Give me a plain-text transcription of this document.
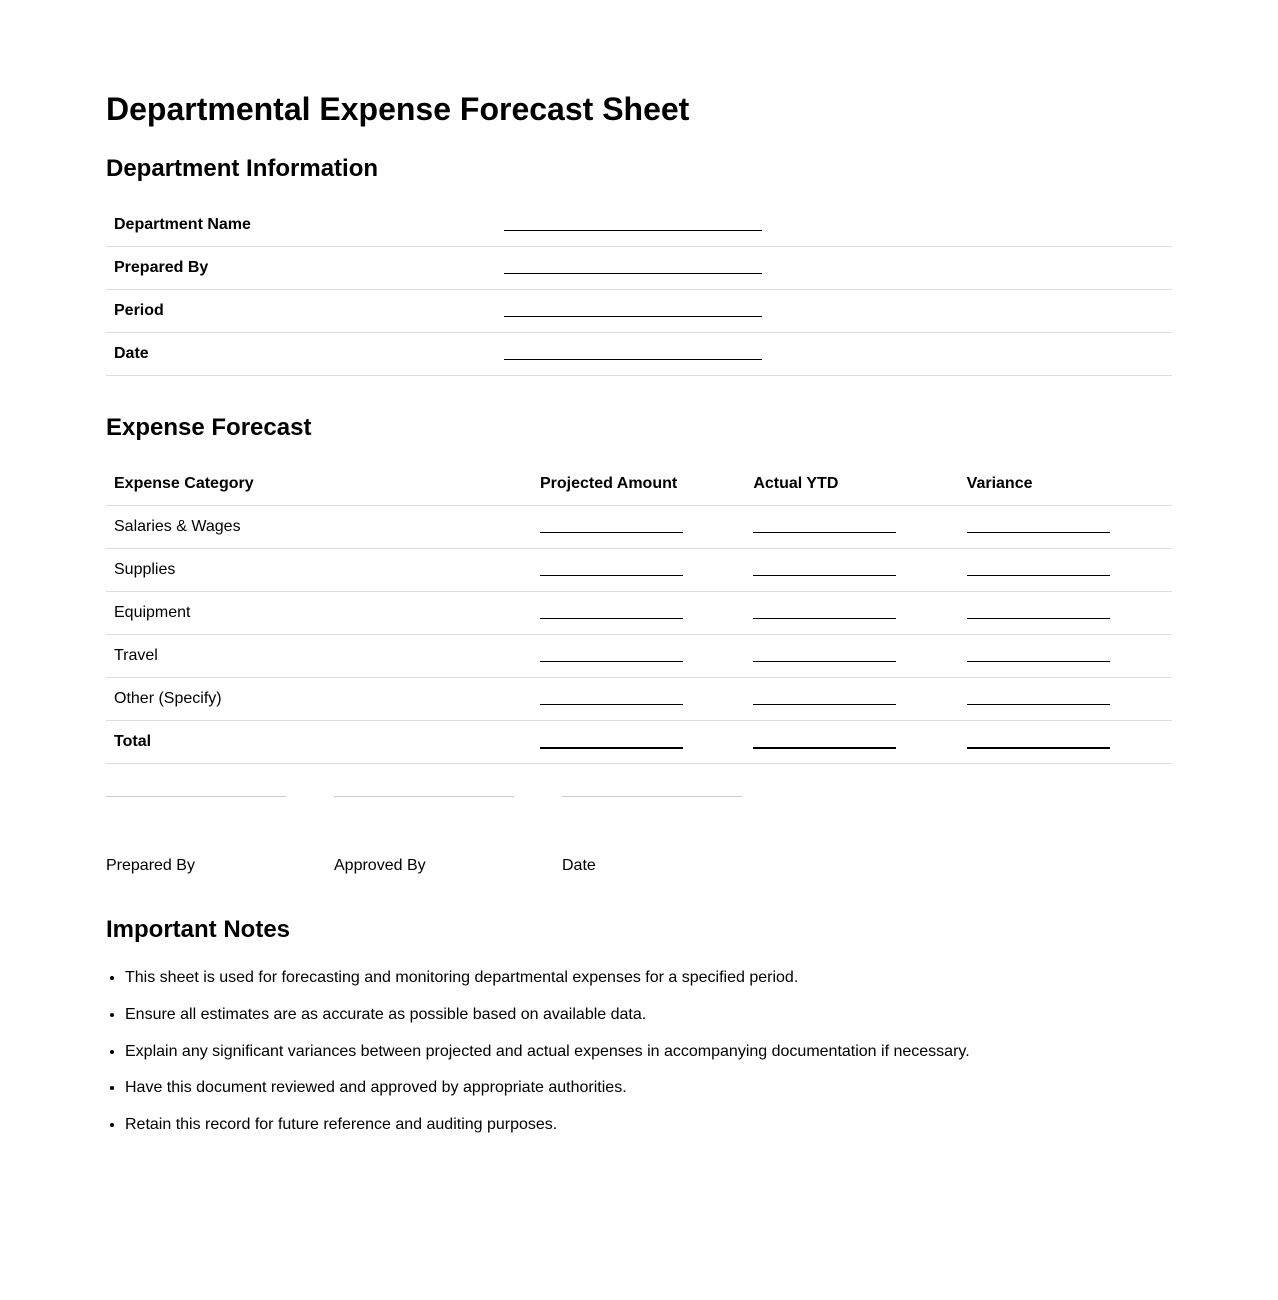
Departmental Expense Forecast Sheet
Department Information
Department Name	
Prepared By	
Period	
Date	
Expense Forecast
Expense Category	Projected Amount	Actual YTD	Variance
Salaries & Wages			
Supplies			
Equipment			
Travel			
Other (Specify)			
Total			
Prepared By	Approved By	Date
Important Notes
• This sheet is used for forecasting and monitoring departmental expenses for a specified period.
• Ensure all estimates are as accurate as possible based on available data.
• Explain any significant variances between projected and actual expenses in accompanying documentation if necessary.
• Have this document reviewed and approved by appropriate authorities.
• Retain this record for future reference and auditing purposes.
